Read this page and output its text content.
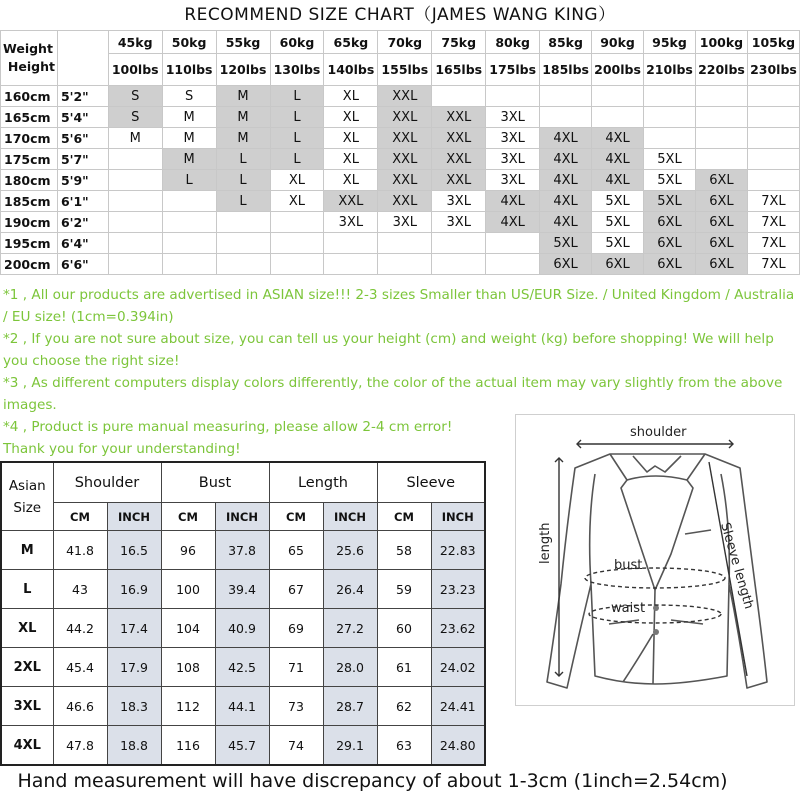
RECOMMEND SIZE CHART（JAMES WANG KING）
Weight
Height		45kg	50kg	55kg	60kg	65kg	70kg	75kg	80kg	85kg	90kg	95kg	100kg	105kg
		100lbs	110lbs	120lbs	130lbs	140lbs	155lbs	165lbs	175lbs	185lbs	200lbs	210lbs	220lbs	230lbs
160cm	5'2"	S	S	M	L	XL	XXL							
165cm	5'4"	S	M	M	L	XL	XXL	XXL	3XL					
170cm	5'6"	M	M	M	L	XL	XXL	XXL	3XL	4XL	4XL			
175cm	5'7"		M	L	L	XL	XXL	XXL	3XL	4XL	4XL	5XL		
180cm	5'9"		L	L	XL	XL	XXL	XXL	3XL	4XL	4XL	5XL	6XL	
185cm	6'1"			L	XL	XXL	XXL	3XL	4XL	4XL	5XL	5XL	6XL	7XL
190cm	6'2"					3XL	3XL	3XL	4XL	4XL	5XL	6XL	6XL	7XL
195cm	6'4"									5XL	5XL	6XL	6XL	7XL
200cm	6'6"									6XL	6XL	6XL	6XL	7XL
*1 , All our products are advertised in ASIAN size!!! 2-3 sizes Smaller than US/EUR Size. / United Kingdom / Australia / EU size! (1cm=0.394in)
*2 , If you are not sure about size, you can tell us your height (cm) and weight (kg) before shopping! We will help you choose the right size!
*3 , As different computers display colors differently, the color of the actual item may vary slightly from the above images.
*4 , Product is pure manual measuring, please allow 2-4 cm error!
Thank you for your understanding!
Asian Size	Shoulder		Bust		Length		Sleeve	
	CM	INCH	CM	INCH	CM	INCH	CM	INCH
M	41.8	16.5	96	37.8	65	25.6	58	22.83
L	43	16.9	100	39.4	67	26.4	59	23.23
XL	44.2	17.4	104	40.9	69	27.2	60	23.62
2XL	45.4	17.9	108	42.5	71	28.0	61	24.02
3XL	46.6	18.3	112	44.1	73	28.7	62	24.41
4XL	47.8	18.8	116	45.7	74	29.1	63	24.80
shoulder
length
bust
waist	Sleeve length
Hand measurement will have discrepancy of about 1-3cm (1inch=2.54cm)
